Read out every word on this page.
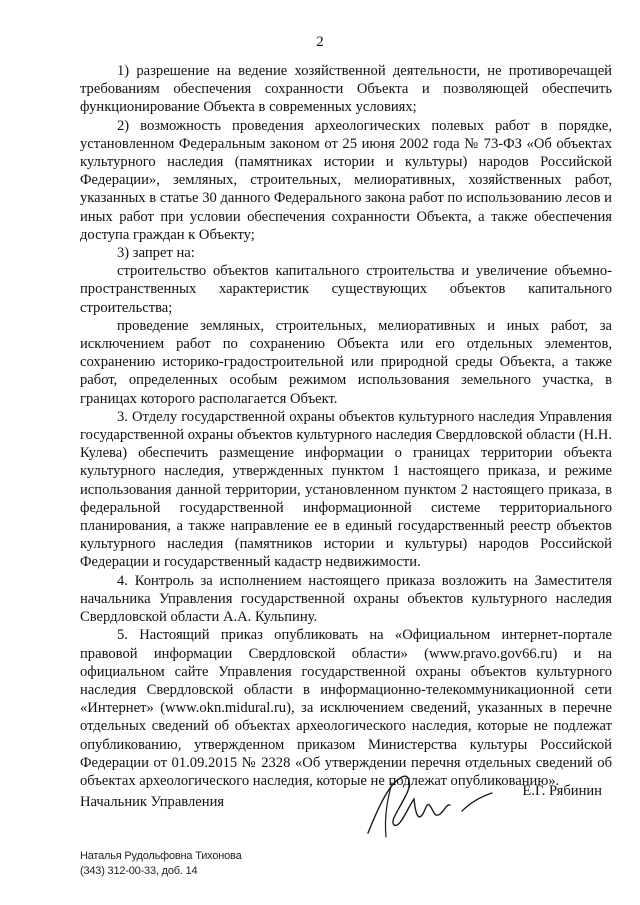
2

1) разрешение на ведение хозяйственной деятельности, не противоречащей требованиям обеспечения сохранности Объекта и позволяющей обеспечить функционирование Объекта в современных условиях;

2) возможность проведения археологических полевых работ в порядке, установленном Федеральным законом от 25 июня 2002 года № 73-ФЗ «Об объектах культурного наследия (памятниках истории и культуры) народов Российской Федерации», земляных, строительных, мелиоративных, хозяйственных работ, указанных в статье 30 данного Федерального закона работ по использованию лесов и иных работ при условии обеспечения сохранности Объекта, а также обеспечения доступа граждан к Объекту;

3) запрет на:

строительство объектов капитального строительства и увеличение объемно-пространственных характеристик существующих объектов капитального строительства;

проведение земляных, строительных, мелиоративных и иных работ, за исключением работ по сохранению Объекта или его отдельных элементов, сохранению историко-градостроительной или природной среды Объекта, а также работ, определенных особым режимом использования земельного участка, в границах которого располагается Объект.

3. Отделу государственной охраны объектов культурного наследия Управления государственной охраны объектов культурного наследия Свердловской области (Н.Н. Кулева) обеспечить размещение информации о границах территории объекта культурного наследия, утвержденных пунктом 1 настоящего приказа, и режиме использования данной территории, установленном пунктом 2 настоящего приказа, в федеральной государственной информационной системе территориального планирования, а также направление ее в единый государственный реестр объектов культурного наследия (памятников истории и культуры) народов Российской Федерации и государственный кадастр недвижимости.

4. Контроль за исполнением настоящего приказа возложить на Заместителя начальника Управления государственной охраны объектов культурного наследия Свердловской области А.А. Кульпину.

5. Настоящий приказ опубликовать на «Официальном интернет-портале правовой информации Свердловской области» (www.pravo.gov66.ru) и на официальном сайте Управления государственной охраны объектов культурного наследия Свердловской области в информационно-телекоммуникационной сети «Интернет» (www.okn.midural.ru), за исключением сведений, указанных в перечне отдельных сведений об объектах археологического наследия, которые не подлежат опубликованию, утвержденном приказом Министерства культуры Российской Федерации от 01.09.2015 № 2328 «Об утверждении перечня отдельных сведений об объектах археологического наследия, которые не подлежат опубликованию».

Начальник Управления
Е.Г. Рябинин
Наталья Рудольфовна Тихонова
(343) 312-00-33, доб. 14
